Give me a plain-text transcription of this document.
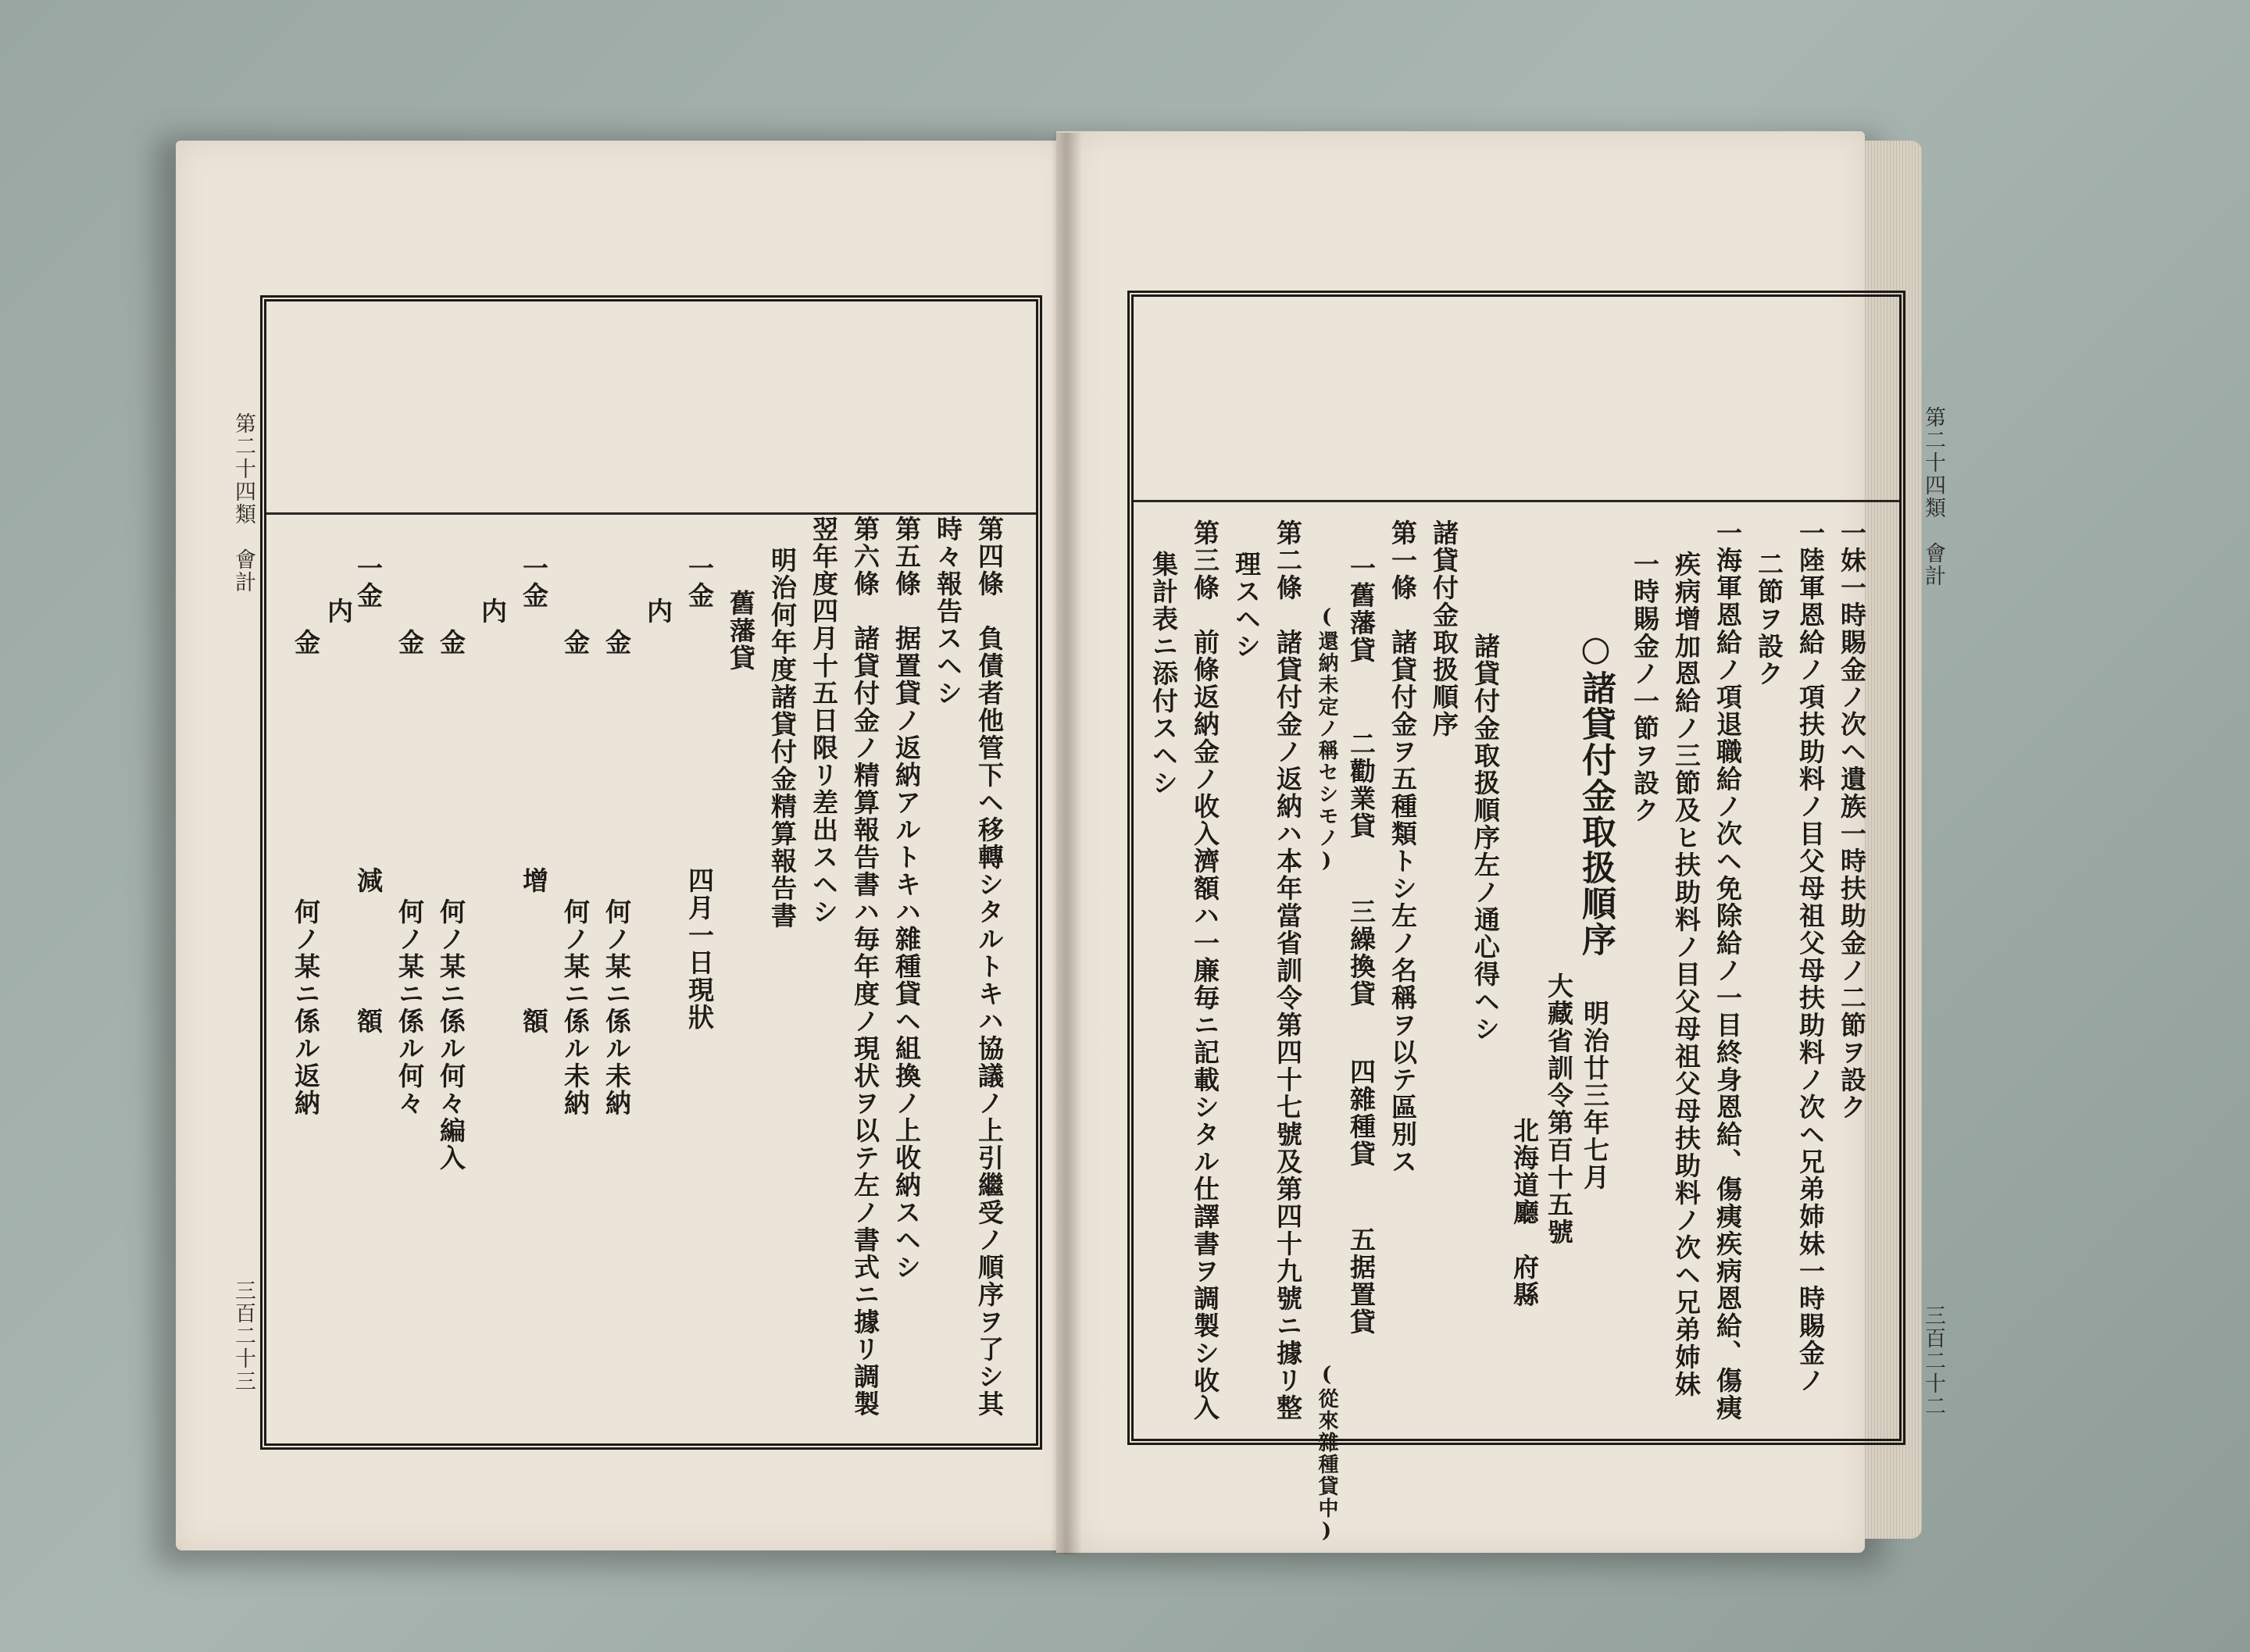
第二十四類　會計
三百二十三	第四條　負債者他管下ヘ移轉シタルトキハ協議ノ上引繼受ノ順序ヲ了シ其
時々報告スヘシ
第五條　据置貸ノ返納アルトキハ雜種貸ヘ組換ノ上收納スヘシ
第六條　諸貸付金ノ精算報告書ハ毎年度ノ現状ヲ以テ左ノ書式ニ據リ調製
翌年度四月十五日限リ差出スヘシ
明治何年度諸貸付金精算報告書
舊藩貸
一金
四月一日現狀
内
金
何ノ某ニ係ル未納
金
何ノ某ニ係ル未納
一金
增
額
内
金
何ノ某ニ係ル何々編入
金
何ノ某ニ係ル何々
一金
減
額
内
金
何ノ某ニ係ル返納
第二十四類　會計
三百二十二
一妹一時賜金ノ次ヘ遺族一時扶助金ノ二節ヲ設ク
一陸軍恩給ノ項扶助料ノ目父母祖父母扶助料ノ次ヘ兄弟姉妹一時賜金ノ
二節ヲ設ク
一海軍恩給ノ項退職給ノ次ヘ免除給ノ一目終身恩給、傷痍疾病恩給、傷痍
疾病增加恩給ノ三節及ヒ扶助料ノ目父母祖父母扶助料ノ次ヘ兄弟姉妹
一時賜金ノ一節ヲ設ク
○諸貸付金取扱順序
明治廿三年七月
大藏省訓令第百十五號
北海道廳　府縣
諸貸付金取扱順序左ノ通心得ヘシ
諸貸付金取扱順序
第一條　諸貸付金ヲ五種類トシ左ノ名稱ヲ以テ區別ス
一舊藩貸
二勸業貸
三繰換貸
四雜種貸
五据置貸
(還納未定ノ稱セシモノ)
(從來雜種貸中)
第二條　諸貸付金ノ返納ハ本年當省訓令第四十七號及第四十九號ニ據リ整
理スヘシ
第三條　前條返納金ノ收入濟額ハ一廉毎ニ記載シタル仕譯書ヲ調製シ收入
集計表ニ添付スヘシ
